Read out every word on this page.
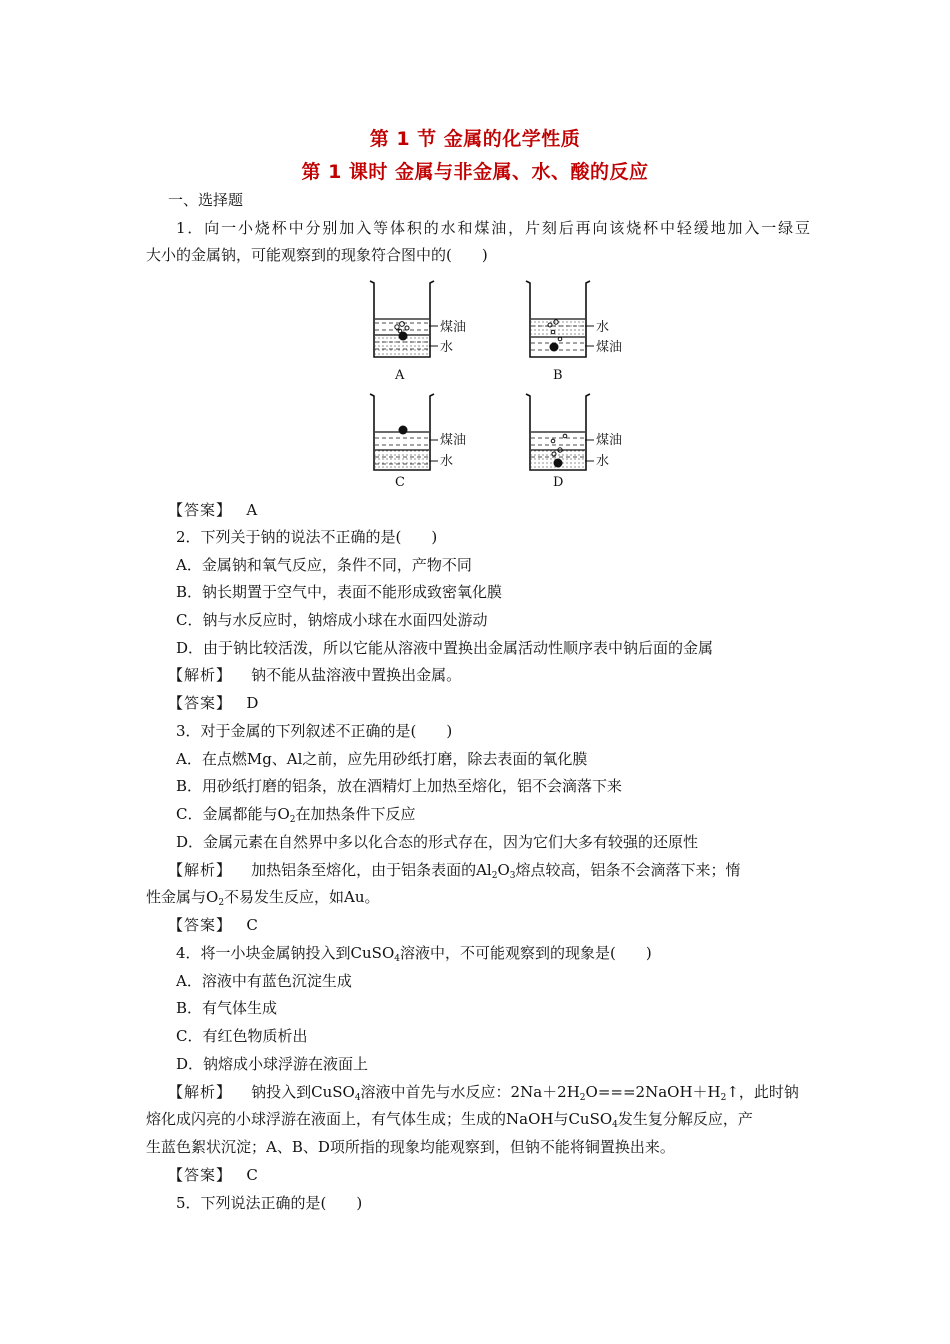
第 1 节 金属的化学性质
第 1 课时 金属与非金属、水、酸的反应
一、选择题
1．向一小烧杯中分别加入等体积的水和煤油，片刻后再向该烧杯中轻缓地加入一绿豆
大小的金属钠，可能观察到的现象符合图中的(　　)
煤油
水
A
水
煤油
B
煤油
水
C
煤油
水
D
【答案】 A
2．下列关于钠的说法不正确的是(　　)
A．金属钠和氧气反应，条件不同，产物不同
B．钠长期置于空气中，表面不能形成致密氧化膜
C．钠与水反应时，钠熔成小球在水面四处游动
D．由于钠比较活泼，所以它能从溶液中置换出金属活动性顺序表中钠后面的金属
【解析】 钠不能从盐溶液中置换出金属。
【答案】 D
3．对于金属的下列叙述不正确的是(　　)
A．在点燃Mg、Al之前，应先用砂纸打磨，除去表面的氧化膜
B．用砂纸打磨的铝条，放在酒精灯上加热至熔化，铝不会滴落下来
C．金属都能与$O_2$在加热条件下反应
D．金属元素在自然界中多以化合态的形式存在，因为它们大多有较强的还原性
【解析】 加热铝条至熔化，由于铝条表面的$Al_2O_3$熔点较高，铝条不会滴落下来；惰
性金属与$O_2$不易发生反应，如Au。
【答案】 C
4．将一小块金属钠投入到CuSO$_4$溶液中，不可能观察到的现象是(　　)
A．溶液中有蓝色沉淀生成
B．有气体生成
C．有红色物质析出
D．钠熔成小球浮游在液面上
【解析】 钠投入到CuSO$_4$溶液中首先与水反应：$2Na+2H_2O===2NaOH+H_2↑$，此时钠
熔化成闪亮的小球浮游在液面上，有气体生成；生成的NaOH与CuSO$_4$发生复分解反应，产
生蓝色絮状沉淀；A、B、D项所指的现象均能观察到，但钠不能将铜置换出来。
【答案】 C
5．下列说法正确的是(　　)
